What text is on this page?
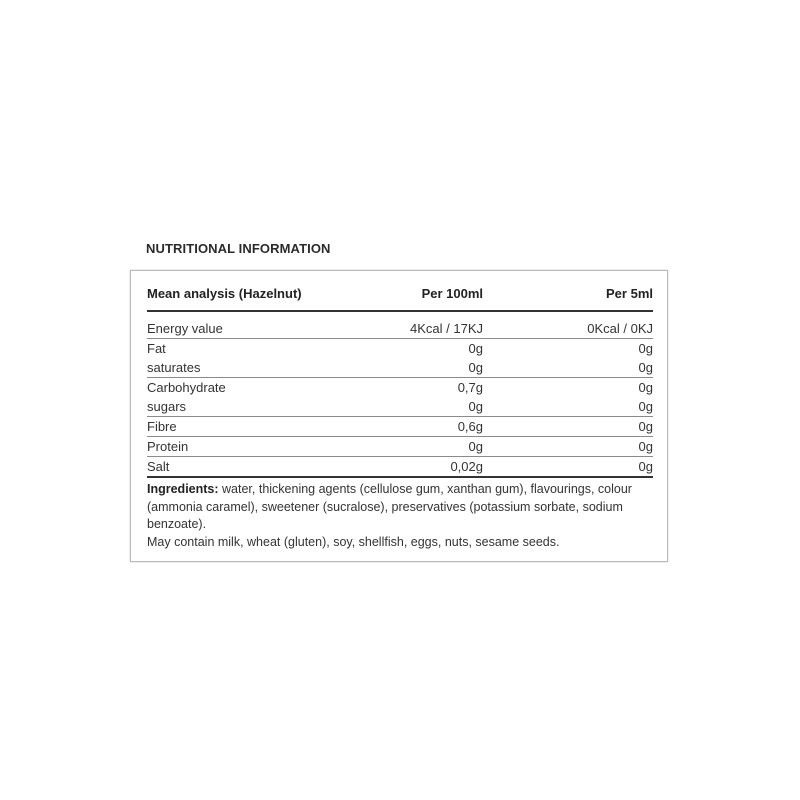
NUTRITIONAL INFORMATION
Mean analysis (Hazelnut)	Per 100ml	Per 5ml
Energy value	4Kcal / 17KJ	0Kcal / 0KJ
Fat	0g	0g
saturates	0g	0g
Carbohydrate	0,7g	0g
sugars	0g	0g
Fibre	0,6g	0g
Protein	0g	0g
Salt	0,02g	0g
Ingredients: water, thickening agents (cellulose gum, xanthan gum), flavourings, colour (ammonia caramel), sweetener (sucralose), preservatives (potassium sorbate, sodium benzoate).
May contain milk, wheat (gluten), soy, shellfish, eggs, nuts, sesame seeds.
